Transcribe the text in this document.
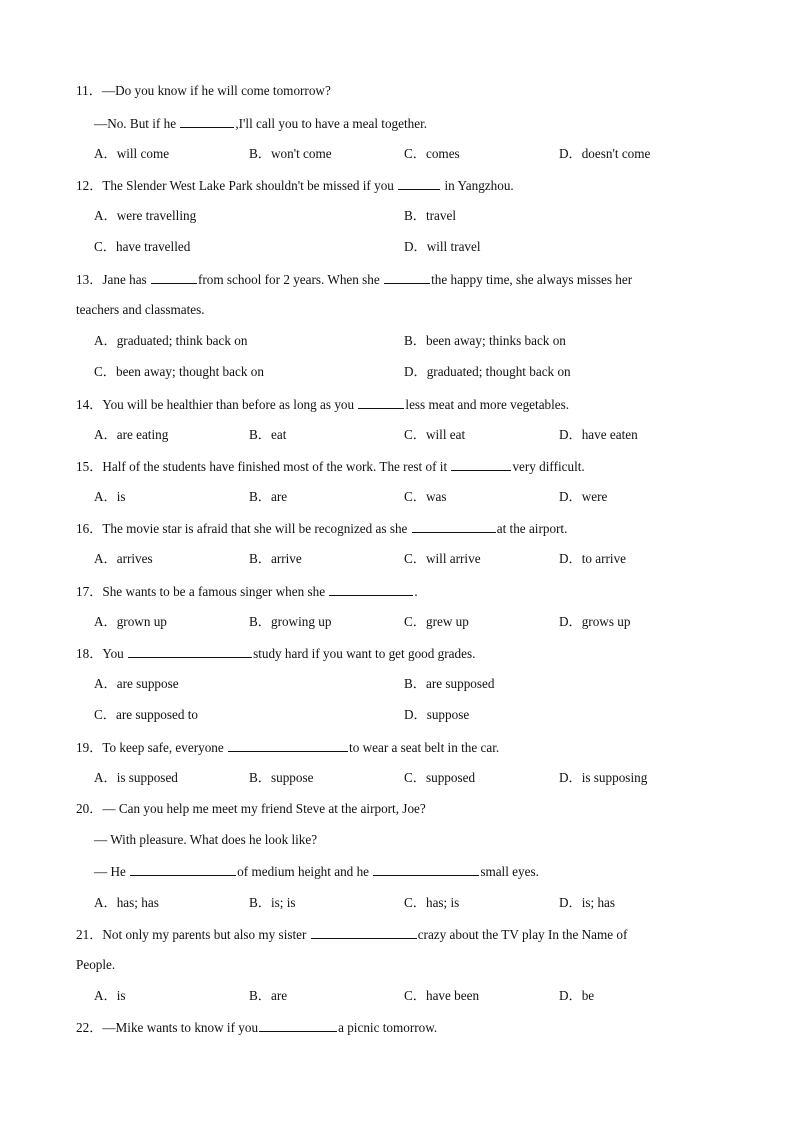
11．—Do you know if he will come tomorrow?
—No. But if he	,I'll call you to have a meal together.
A．will come	B．won't come	C．comes	D．doesn't come
12．The Slender West Lake Park shouldn't be missed if you	in Yangzhou.
A．were travelling	B．travel
C．have travelled	D．will travel
13．Jane has	from school for 2 years. When she	the happy time, she always misses her
teachers and classmates.
A．graduated; think back on	B．been away; thinks back on
C．been away; thought back on	D．graduated; thought back on
14．You will be healthier than before as long as you	less meat and more vegetables.
A．are eating	B．eat	C．will eat	D．have eaten
15．Half of the students have finished most of the work. The rest of it	very difficult.
A．is	B．are	C．was	D．were
16．The movie star is afraid that she will be recognized as she	at the airport.
A．arrives	B．arrive	C．will arrive	D．to arrive
17．She wants to be a famous singer when she	.
A．grown up	B．growing up	C．grew up	D．grows up
18．You	study hard if you want to get good grades.
A．are suppose	B．are supposed
C．are supposed to	D．suppose
19．To keep safe, everyone	to wear a seat belt in the car.
A．is supposed	B．suppose	C．supposed	D．is supposing
20．— Can you help me meet my friend Steve at the airport, Joe?
— With pleasure. What does he look like?
— He	of medium height and he	small eyes.
A．has; has	B．is; is	C．has; is	D．is; has
21．Not only my parents but also my sister	crazy about the TV play In the Name of
People.
A．is	B．are	C．have been	D．be
22．—Mike wants to know if you	a picnic tomorrow.
